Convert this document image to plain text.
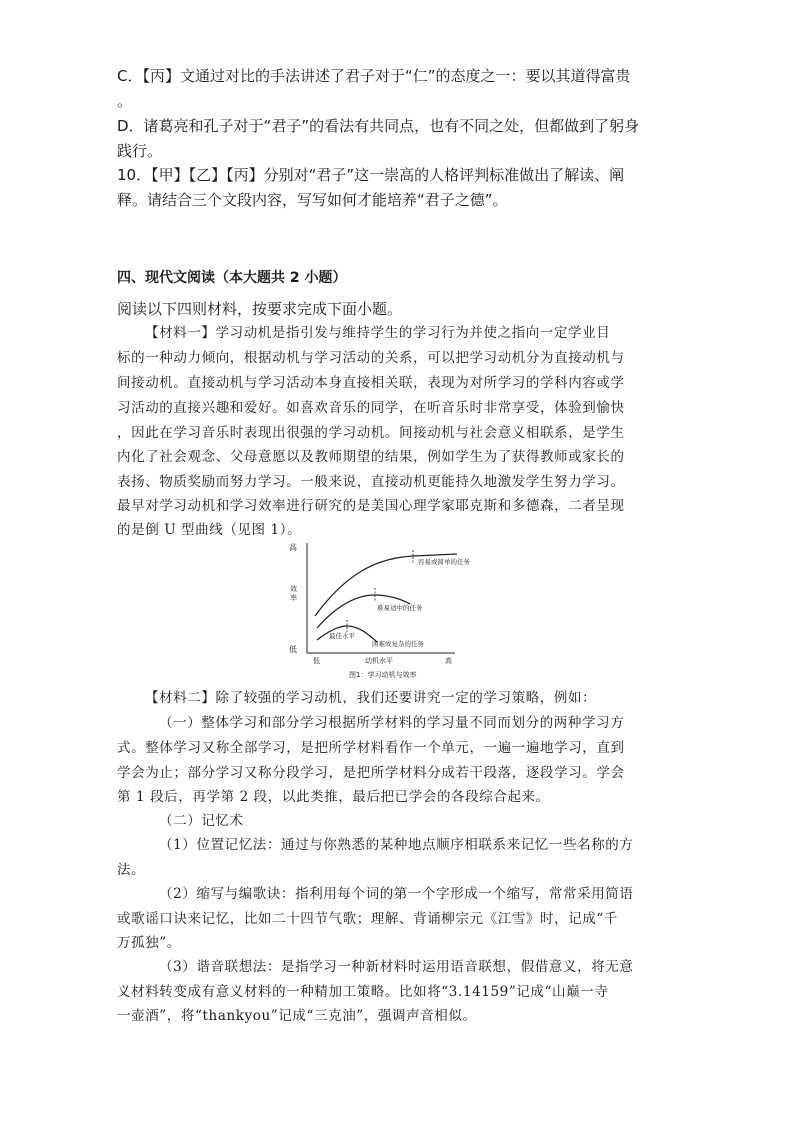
C．【丙】文通过对比的手法讲述了君子对于“仁”的态度之一：要以其道得富贵
。
D．诸葛亮和孔子对于“君子”的看法有共同点，也有不同之处，但都做到了躬身
践行。
10．【甲】【乙】【丙】分别对“君子”这一崇高的人格评判标准做出了解读、阐
释。请结合三个文段内容，写写如何才能培养“君子之德”。
四、现代文阅读（本大题共 2 小题）
阅读以下四则材料，按要求完成下面小题。
【材料一】学习动机是指引发与维持学生的学习行为并使之指向一定学业目
标的一种动力倾向，根据动机与学习活动的关系，可以把学习动机分为直接动机与
间接动机。直接动机与学习活动本身直接相关联，表现为对所学习的学科内容或学
习活动的直接兴趣和爱好。如喜欢音乐的同学，在听音乐时非常享受，体验到愉快
，因此在学习音乐时表现出很强的学习动机。间接动机与社会意义相联系，是学生
内化了社会观念、父母意愿以及教师期望的结果，例如学生为了获得教师或家长的
表扬、物质奖励而努力学习。一般来说，直接动机更能持久地激发学生努力学习。
最早对学习动机和学习效率进行研究的是美国心理学家耶克斯和多德森，二者呈现
的是倒 U 型曲线（见图 1）。
高
效
率
低
低	动机水平	高
容易或简单的任务
难易适中的任务
最佳水平
困难或复杂的任务
图1：学习动机与效率
【材料二】除了较强的学习动机，我们还要讲究一定的学习策略，例如：
（一）整体学习和部分学习根据所学材料的学习量不同而划分的两种学习方
式。整体学习又称全部学习，是把所学材料看作一个单元，一遍一遍地学习，直到
学会为止；部分学习又称分段学习，是把所学材料分成若干段落，逐段学习。学会
第 1 段后，再学第 2 段，以此类推，最后把已学会的各段综合起来。
（二）记忆术
（1）位置记忆法：通过与你熟悉的某种地点顺序相联系来记忆一些名称的方
法。
（2）缩写与编歌诀：指利用每个词的第一个字形成一个缩写，常常采用简语
或歌谣口诀来记忆，比如二十四节气歌；理解、背诵柳宗元《江雪》时，记成“千
万孤独”。
（3）谐音联想法：是指学习一种新材料时运用语音联想，假借意义，将无意
义材料转变成有意义材料的一种精加工策略。比如将“3.14159”记成“山巅一寺
一壶酒”，将“thankyou”记成“三克油”，强调声音相似。
